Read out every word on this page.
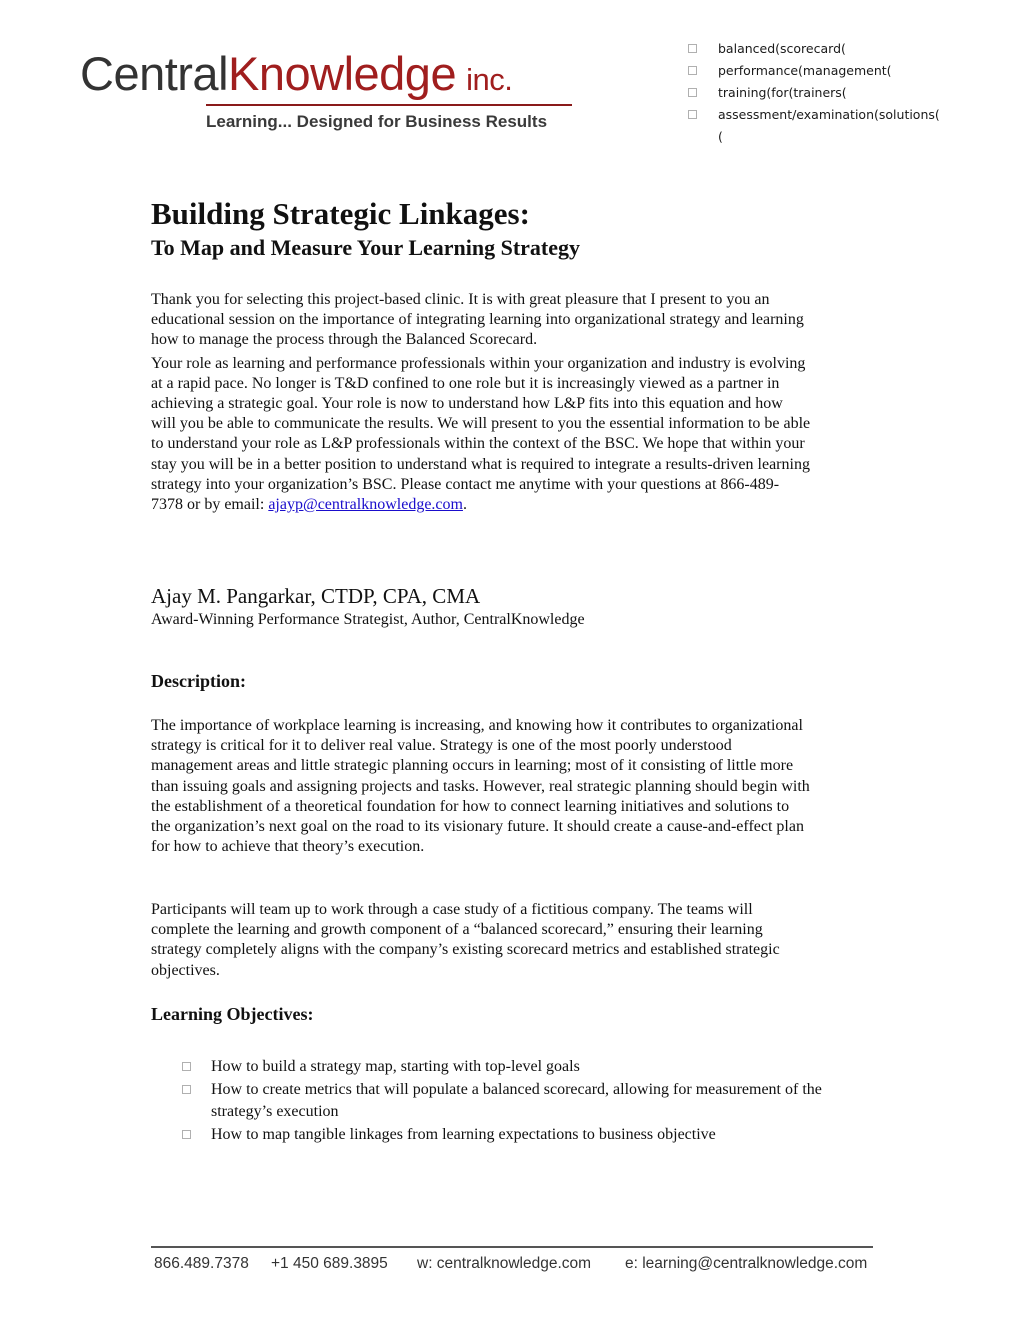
CentralKnowledge inc.
Learning... Designed for Business Results
balanced(scorecard(
performance(management(
training(for(trainers(
assessment/examination(solutions(
(
Building Strategic Linkages:
To Map and Measure Your Learning Strategy

Thank you for selecting this project-based clinic. It is with great pleasure that I present to you an educational session on the importance of integrating learning into organizational strategy and learning how to manage the process through the Balanced Scorecard.

Your role as learning and performance professionals within your organization and industry is evolving at a rapid pace. No longer is T&D confined to one role but it is increasingly viewed as a partner in achieving a strategic goal. Your role is now to understand how L&P fits into this equation and how will you be able to communicate the results. We will present to you the essential information to be able to understand your role as L&P professionals within the context of the BSC. We hope that within your stay you will be in a better position to understand what is required to integrate a results-driven learning strategy into your organization’s BSC. Please contact me anytime with your questions at 866-489-7378 or by email: ajayp@centralknowledge.com.

Ajay M. Pangarkar, CTDP, CPA, CMA
Award-Winning Performance Strategist, Author, CentralKnowledge
Description:
The importance of workplace learning is increasing, and knowing how it contributes to organizational strategy is critical for it to deliver real value. Strategy is one of the most poorly understood management areas and little strategic planning occurs in learning; most of it consisting of little more than issuing goals and assigning projects and tasks. However, real strategic planning should begin with the establishment of a theoretical foundation for how to connect learning initiatives and solutions to the organization’s next goal on the road to its visionary future. It should create a cause-and-effect plan for how to achieve that theory’s execution.
Participants will team up to work through a case study of a fictitious company. The teams will complete the learning and growth component of a “balanced scorecard,” ensuring their learning strategy completely aligns with the company’s existing scorecard metrics and established strategic objectives.
Learning Objectives:
How to build a strategy map, starting with top-level goals
How to create metrics that will populate a balanced scorecard, allowing for measurement of the strategy’s execution
How to map tangible linkages from learning expectations to business objective
866.489.7378 +1 450 689.3895 w: centralknowledge.com e: learning@centralknowledge.com
